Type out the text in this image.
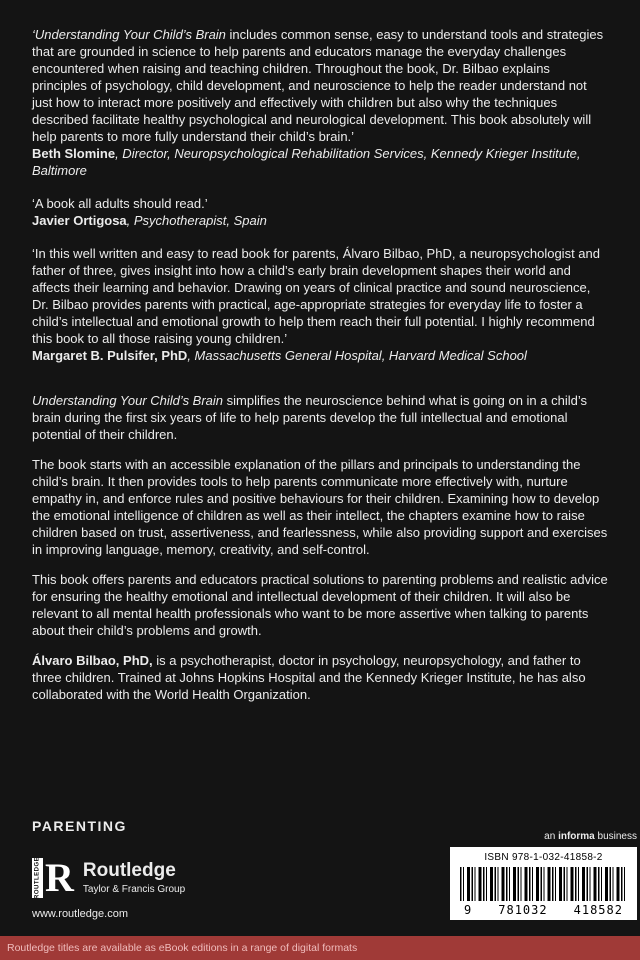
‘Understanding Your Child’s Brain includes common sense, easy to understand tools and strategies that are grounded in science to help parents and educators manage the everyday challenges encountered when raising and teaching children. Throughout the book, Dr. Bilbao explains principles of psychology, child development, and neuroscience to help the reader understand not just how to interact more positively and effectively with children but also why the techniques described facilitate healthy psychological and neurological development. This book absolutely will help parents to more fully understand their child’s brain.’

Beth Slomine, Director, Neuropsychological Rehabilitation Services, Kennedy Krieger Institute, Baltimore

‘A book all adults should read.’

Javier Ortigosa, Psychotherapist, Spain

‘In this well written and easy to read book for parents, Álvaro Bilbao, PhD, a neuropsychologist and father of three, gives insight into how a child’s early brain development shapes their world and affects their learning and behavior. Drawing on years of clinical practice and sound neuroscience, Dr. Bilbao provides parents with practical, age-appropriate strategies for everyday life to foster a child’s intellectual and emotional growth to help them reach their full potential. I highly recommend this book to all those raising young children.’

Margaret B. Pulsifer, PhD, Massachusetts General Hospital, Harvard Medical School

Understanding Your Child’s Brain simplifies the neuroscience behind what is going on in a child’s brain during the first six years of life to help parents develop the full intellectual and emotional potential of their children.

The book starts with an accessible explanation of the pillars and principals to understanding the child’s brain. It then provides tools to help parents communicate more effectively with, nurture empathy in, and enforce rules and positive behaviours for their children. Examining how to develop the emotional intelligence of children as well as their intellect, the chapters examine how to raise children based on trust, assertiveness, and fearlessness, while also providing support and exercises in improving language, memory, creativity, and self-control.

This book offers parents and educators practical solutions to parenting problems and realistic advice for ensuring the healthy emotional and intellectual development of their children. It will also be relevant to all mental health professionals who want to be more assertive when talking to parents about their child’s problems and growth.

Álvaro Bilbao, PhD, is a psychotherapist, doctor in psychology, neuropsychology, and father to three children. Trained at Johns Hopkins Hospital and the Kennedy Krieger Institute, he has also collaborated with the World Health Organization.

PARENTING
ROUTLEDGE R Routledge
Taylor & Francis Group
www.routledge.com
an informa business
ISBN 978-1-032-41858-2
9 781032 418582
Routledge titles are available as eBook editions in a range of digital formats
